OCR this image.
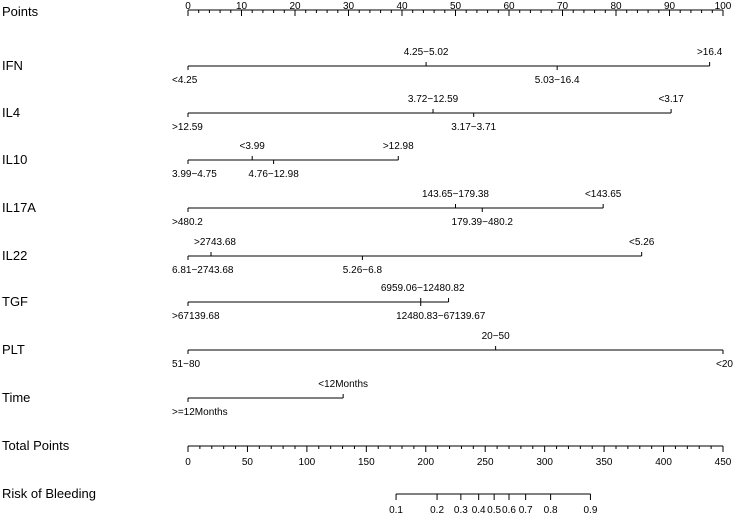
Points	0	10	20	30	40	50	60	70	80	90	100
IFN
<4.25
4.25−5.02
5.03−16.4
>16.4
IL4
>12.59
3.72−12.59
3.17−3.71
<3.17
IL10
3.99−4.75
<3.99
4.76−12.98
>12.98
IL17A
>480.2
143.65−179.38
179.39−480.2
<143.65
IL22
6.81−2743.68
>2743.68
5.26−6.8
<5.26
TGF
>67139.68
6959.06−12480.82
12480.83−67139.67
PLT
51−80
20−50
<20
Time
>=12Months
<12Months
Total Points
0	50	100	150	200	250	300	350	400	450
Risk of Bleeding
0.1	0.2 0.3 0.4 0.5 0.6 0.7 0.8	0.9
